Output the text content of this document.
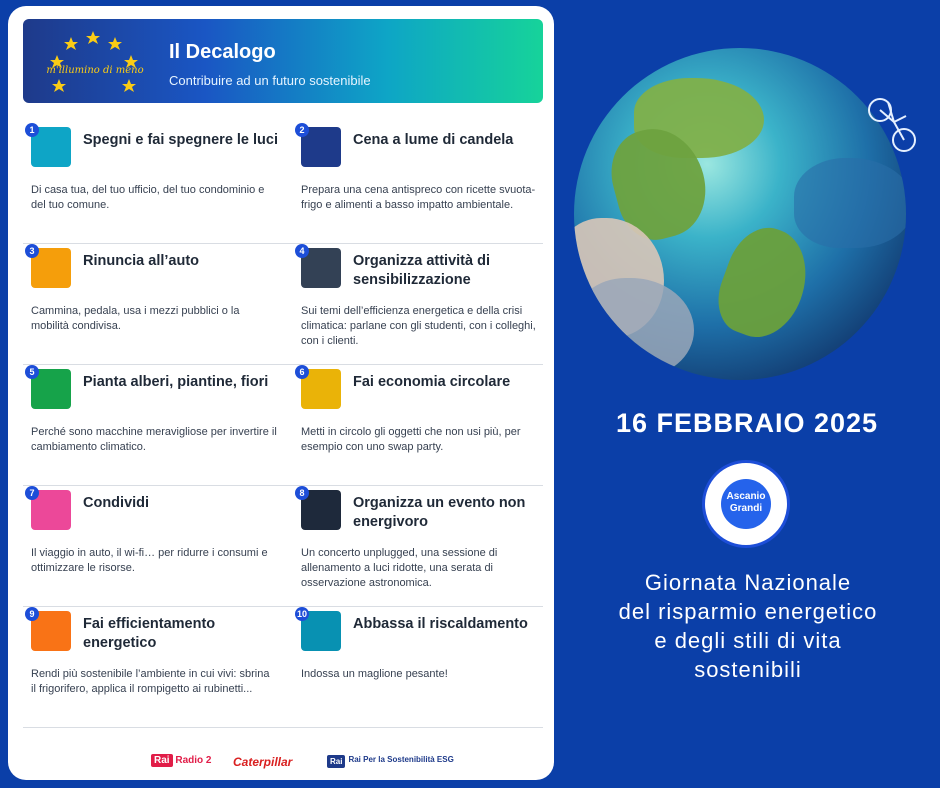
m'illumino di meno
Il Decalogo
Contribuire ad un futuro sostenibile
1
Spegni e fai spegnere le luci
Di casa tua, del tuo ufficio, del tuo condominio e del tuo comune.
2
Cena a lume di candela
Prepara una cena antispreco con ricette svuota-frigo e alimenti a basso impatto ambientale.
3
Rinuncia all’auto
Cammina, pedala, usa i mezzi pubblici o la mobilità condivisa.
4
Organizza attività di sensibilizzazione
Sui temi dell’efficienza energetica e della crisi climatica: parlane con gli studenti, con i colleghi, con i clienti.
5
Pianta alberi, piantine, fiori
Perché sono macchine meravigliose per invertire il cambiamento climatico.
6
Fai economia circolare
Metti in circolo gli oggetti che non usi più, per esempio con uno swap party.
7
Condividi
Il viaggio in auto, il wi-fi… per ridurre i consumi e ottimizzare le risorse.
8
Organizza un evento non energivoro
Un concerto unplugged, una sessione di allenamento a luci ridotte, una serata di osservazione astronomica.
9
Fai efficientamento energetico
Rendi più sostenibile l’ambiente in cui vivi: sbrina il frigorifero, applica il rompigetto ai rubinetti...
10
Abbassa il riscaldamento
Indossa un maglione pesante!
Rai Radio 2 Caterpillar	Rai Rai Per la Sostenibilità ESG
16 FEBBRAIO 2025
Ascanio Grandi
Giornata Nazionale
del risparmio energetico
e degli stili di vita
sostenibili
